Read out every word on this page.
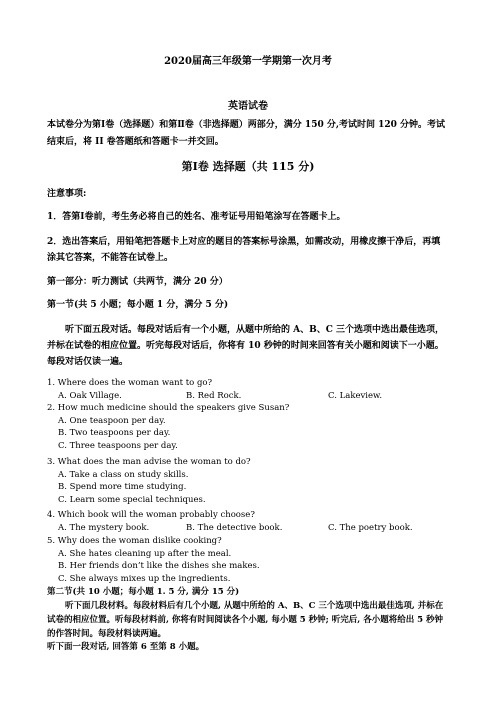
2020届高三年级第一学期第一次月考
英语试卷
本试卷分为第Ⅰ卷（选择题）和第Ⅱ卷（非选择题）两部分，满分 150 分,考试时间 120 分钟。考试结束后，将 II 卷答题纸和答题卡一并交回。
第Ⅰ卷 选择题（共 115 分)
注意事项:
1．答第Ⅰ卷前，考生务必将自己的姓名、准考证号用铅笔涂写在答题卡上。
2．选出答案后，用铅笔把答题卡上对应的题目的答案标号涂黑，如需改动，用橡皮擦干净后，再填涂其它答案，不能答在试卷上。
第一部分：听力测试（共两节，满分 20 分）
第一节(共 5 小题；每小题 1 分，满分 5 分)
听下面五段对话。每段对话后有一个小题，从题中所给的 A、B、C 三个选项中选出最佳选项，并标在试卷的相应位置。听完每段对话后，你将有 10 秒钟的时间来回答有关小题和阅读下一小题。每段对话仅读一遍。
1. Where does the woman want to go?
A. Oak Village.	B. Red Rock.	C. Lakeview.
2. How much medicine should the speakers give Susan?
A. One teaspoon per day.
B. Two teaspoons per day.
C. Three teaspoons per day.
3. What does the man advise the woman to do?
A. Take a class on study skills.
B. Spend more time studying.
C. Learn some special techniques.
4. Which book will the woman probably choose?
A. The mystery book.	B. The detective book.	C. The poetry book.
5. Why does the woman dislike cooking?
A. She hates cleaning up after the meal.
B. Her friends don’t like the dishes she makes.
C. She always mixes up the ingredients.
第二节(共 10 小题；每小题 1. 5 分, 满分 15 分)
听下面几段材料。每段材料后有几个小题, 从题中所给的 A、B、C 三个选项中选出最佳选项, 并标在试卷的相应位置。听每段材料前, 你将有时间阅读各个小题, 每小题 5 秒钟; 听完后, 各小题将给出 5 秒钟的作答时间。每段材料读两遍。
听下面一段对话, 回答第 6 至第 8 小题。
